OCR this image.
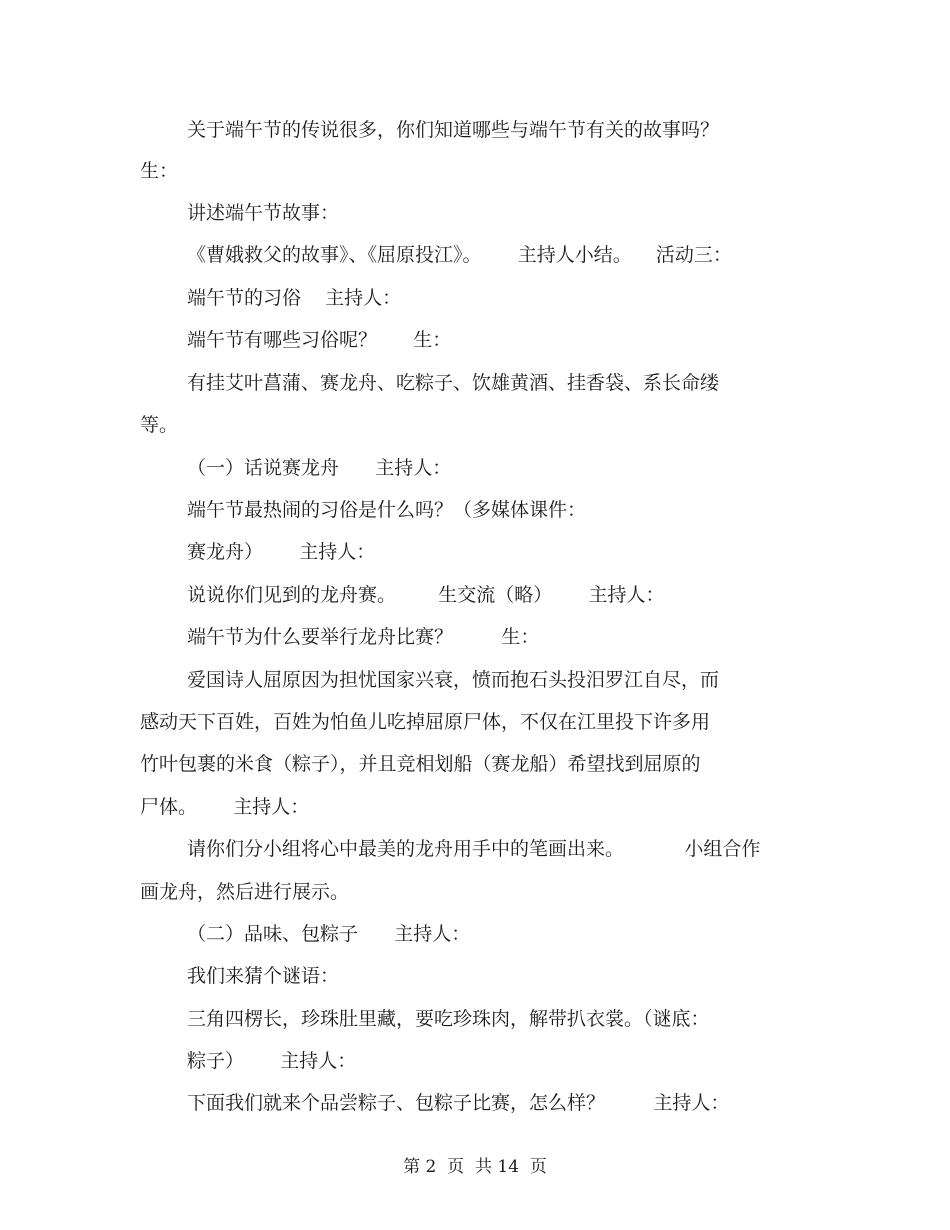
关于端午节的传说很多，你们知道哪些与端午节有关的故事吗？

生：

讲述端午节故事：

《曹娥救父的故事》、《屈原投江》。      主持人小结。    活动三：

端午节的习俗    主持人：

端午节有哪些习俗呢？      生：

有挂艾叶菖蒲、赛龙舟、吃粽子、饮雄黄酒、挂香袋、系长命缕

等。

（一）话说赛龙舟      主持人：

端午节最热闹的习俗是什么吗？（多媒体课件：

赛龙舟）      主持人：

说说你们见到的龙舟赛。       生交流（略）      主持人：

端午节为什么要举行龙舟比赛？        生：

爱国诗人屈原因为担忧国家兴衰，愤而抱石头投汨罗江自尽，而

感动天下百姓，百姓为怕鱼儿吃掉屈原尸体，不仅在江里投下许多用

竹叶包裹的米食（粽子），并且竞相划船（赛龙船）希望找到屈原的

尸体。      主持人：

请你们分小组将心中最美的龙舟用手中的笔画出来。          小组合作

画龙舟，然后进行展示。

（二）品味、包粽子      主持人：

我们来猜个谜语：

三角四楞长，珍珠肚里藏，要吃珍珠肉，解带扒衣裳。（谜底：

粽子）      主持人：

下面我们就来个品尝粽子、包粽子比赛，怎么样？        主持人：

第 2  页  共 14  页
